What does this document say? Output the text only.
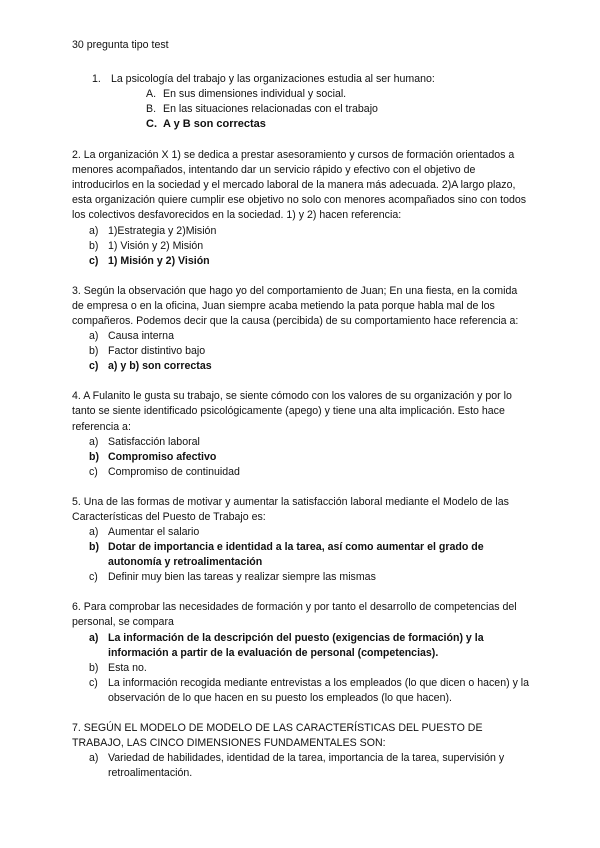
30 pregunta tipo test
1. La psicología del trabajo y las organizaciones estudia al ser humano:
A. En sus dimensiones individual y social.
B. En las situaciones relacionadas con el trabajo
C. A y B son correctas
2. La organización X 1) se dedica a prestar asesoramiento y cursos de formación orientados a menores acompañados, intentando dar un servicio rápido y efectivo con el objetivo de introducirlos en la sociedad y el mercado laboral de la manera más adecuada. 2)A largo plazo, esta organización quiere cumplir ese objetivo no solo con menores acompañados sino con todos los colectivos desfavorecidos en la sociedad. 1) y 2) hacen referencia:
a) 1)Estrategia y 2)Misión
b) 1) Visión y 2) Misión
c) 1) Misión y 2) Visión
3. Según la observación que hago yo del comportamiento de Juan; En una fiesta, en la comida de empresa o en la oficina, Juan siempre acaba metiendo la pata porque habla mal de los compañeros. Podemos decir que la causa (percibida) de su comportamiento hace referencia a:
a) Causa interna
b) Factor distintivo bajo
c) a) y b) son correctas
4. A Fulanito le gusta su trabajo, se siente cómodo con los valores de su organización y por lo tanto se siente identificado psicológicamente (apego) y tiene una alta implicación. Esto hace referencia a:
a) Satisfacción laboral
b) Compromiso afectivo
c) Compromiso de continuidad
5. Una de las formas de motivar y aumentar la satisfacción laboral mediante el Modelo de las Características del Puesto de Trabajo es:
a) Aumentar el salario
b) Dotar de importancia e identidad a la tarea, así como aumentar el grado de autonomía y retroalimentación
c) Definir muy bien las tareas y realizar siempre las mismas
6. Para comprobar las necesidades de formación y por tanto el desarrollo de competencias del personal, se compara
a) La información de la descripción del puesto (exigencias de formación) y la información a partir de la evaluación de personal (competencias).
b) Esta no.
c) La información recogida mediante entrevistas a los empleados (lo que dicen o hacen) y la observación de lo que hacen en su puesto los empleados (lo que hacen).
7. SEGÚN EL MODELO DE MODELO DE LAS CARACTERÍSTICAS DEL PUESTO DE TRABAJO, LAS CINCO DIMENSIONES FUNDAMENTALES SON:
a) Variedad de habilidades, identidad de la tarea, importancia de la tarea, supervisión y retroalimentación.
